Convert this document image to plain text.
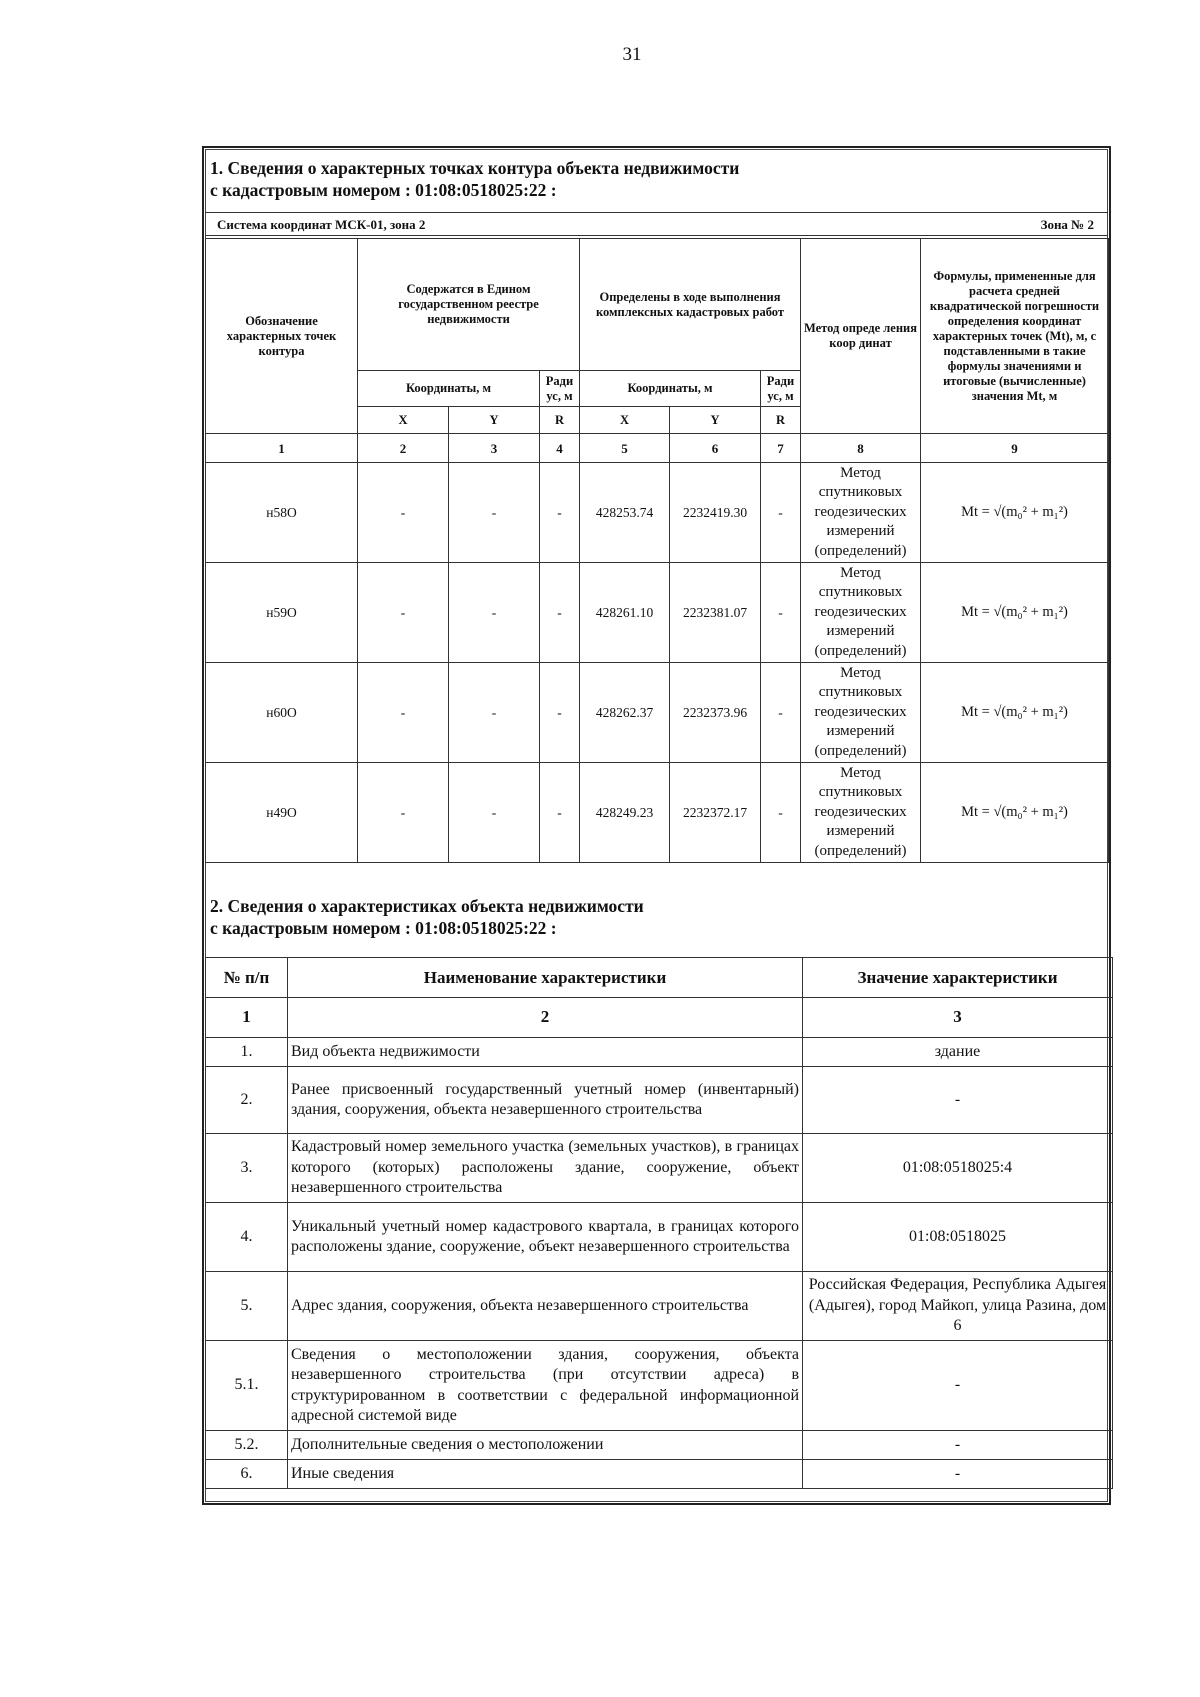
31
1. Сведения о характерных точках контура объекта недвижимости
с кадастровым номером : 01:08:0518025:22 :
Система координат МСК-01, зона 2	Зона № 2
Обозначение характерных точек контура	Содержатся в Едином государственном реестре недвижимости			Определены в ходе выполнения комплексных кадастровых работ			Метод опреде ления коор динат	Формулы, примененные для расчета средней квадратической погрешности определения координат характерных точек (Mt), м, с подставленными в такие формулы значениями и итоговые (вычисленные) значения Mt, м
	Координаты, м		Ради ус, м	Координаты, м		Ради ус, м		
	X	Y	R	X	Y	R		
1	2	3	4	5	6	7	8	9
н58О	-	-	-	428253.74	2232419.30	-	Метод спутниковых геодезических измерений (определений)	Mt = √(m₀² + m₁²)
н59О	-	-	-	428261.10	2232381.07	-	Метод спутниковых геодезических измерений (определений)	Mt = √(m₀² + m₁²)
н60О	-	-	-	428262.37	2232373.96	-	Метод спутниковых геодезических измерений (определений)	Mt = √(m₀² + m₁²)
н49О	-	-	-	428249.23	2232372.17	-	Метод спутниковых геодезических измерений (определений)	Mt = √(m₀² + m₁²)
2. Сведения о характеристиках объекта недвижимости
с кадастровым номером : 01:08:0518025:22 :
№ п/п	Наименование характеристики	Значение характеристики
1	2	3
1.	Вид объекта недвижимости	здание
2.	Ранее присвоенный государственный учетный номер (инвентарный) здания, сооружения, объекта незавершенного строительства	-
3.	Кадастровый номер земельного участка (земельных участков), в границах которого (которых) расположены здание, сооружение, объект незавершенного строительства	01:08:0518025:4
4.	Уникальный учетный номер кадастрового квартала, в границах которого расположены здание, сооружение, объект незавершенного строительства	01:08:0518025
5.	Адрес здания, сооружения, объекта незавершенного строительства	Российская Федерация, Республика Адыгея (Адыгея), город Майкоп, улица Разина, дом 6
5.1.	Сведения о местоположении здания, сооружения, объекта незавершенного строительства (при отсутствии адреса) в структурированном в соответствии с федеральной информационной адресной системой виде	-
5.2.	Дополнительные сведения о местоположении	-
6.	Иные сведения	-
